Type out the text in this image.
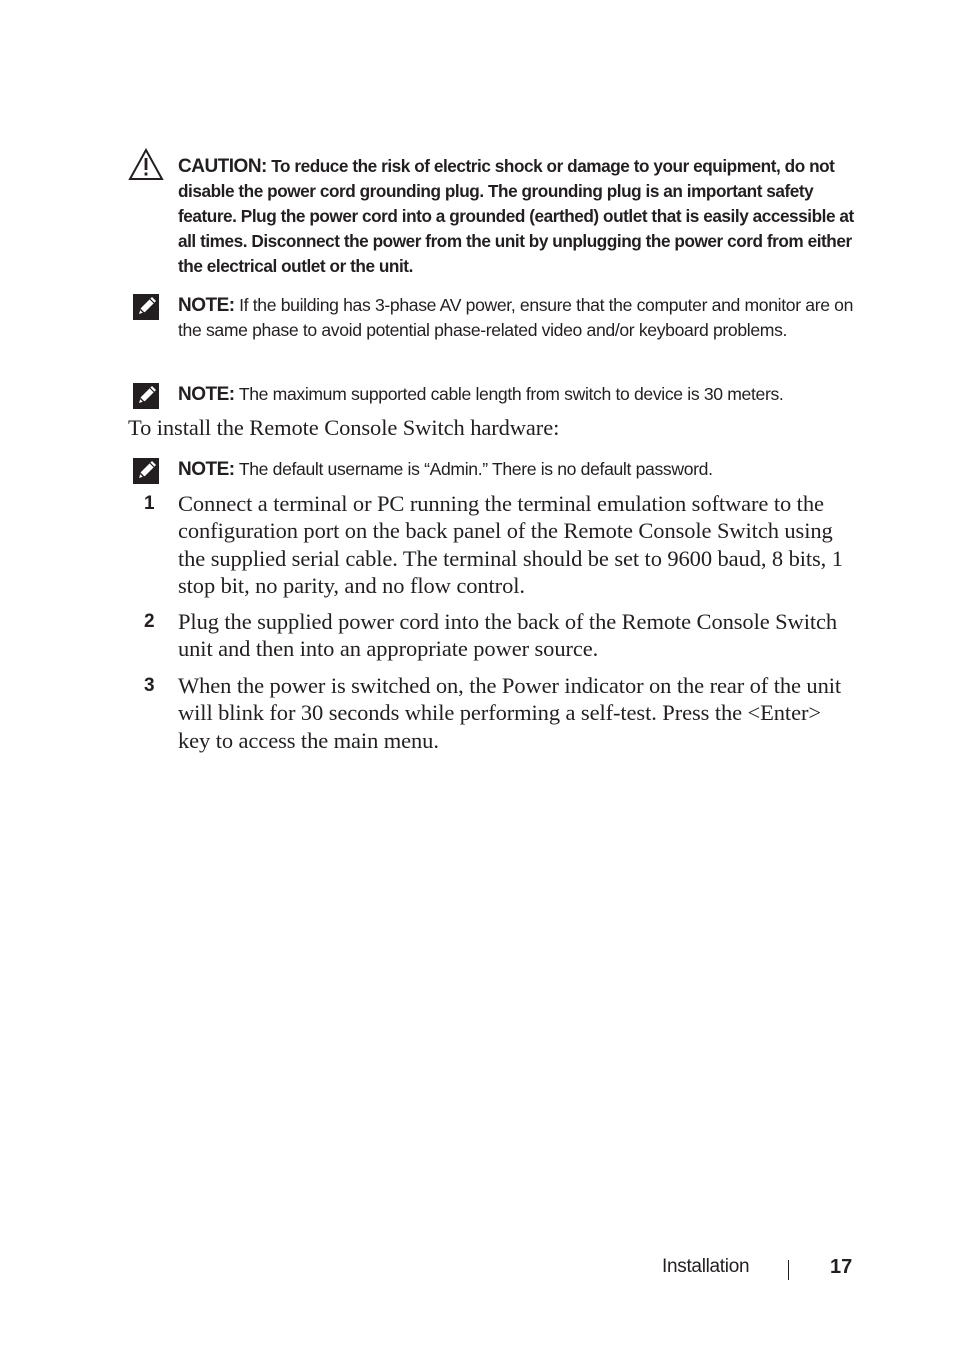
CAUTION: To reduce the risk of electric shock or damage to your equipment, do not disable the power cord grounding plug. The grounding plug is an important safety feature. Plug the power cord into a grounded (earthed) outlet that is easily accessible at all times. Disconnect the power from the unit by unplugging the power cord from either the electrical outlet or the unit.
NOTE: If the building has 3-phase AV power, ensure that the computer and monitor are on the same phase to avoid potential phase-related video and/or keyboard problems.
NOTE: The maximum supported cable length from switch to device is 30 meters.
To install the Remote Console Switch hardware:
NOTE: The default username is “Admin.” There is no default password.
1 Connect a terminal or PC running the terminal emulation software to the configuration port on the back panel of the Remote Console Switch using the supplied serial cable. The terminal should be set to 9600 baud, 8 bits, 1 stop bit, no parity, and no flow control.
2 Plug the supplied power cord into the back of the Remote Console Switch unit and then into an appropriate power source.
3 When the power is switched on, the Power indicator on the rear of the unit will blink for 30 seconds while performing a self-test. Press the <Enter> key to access the main menu.
Installation	17
